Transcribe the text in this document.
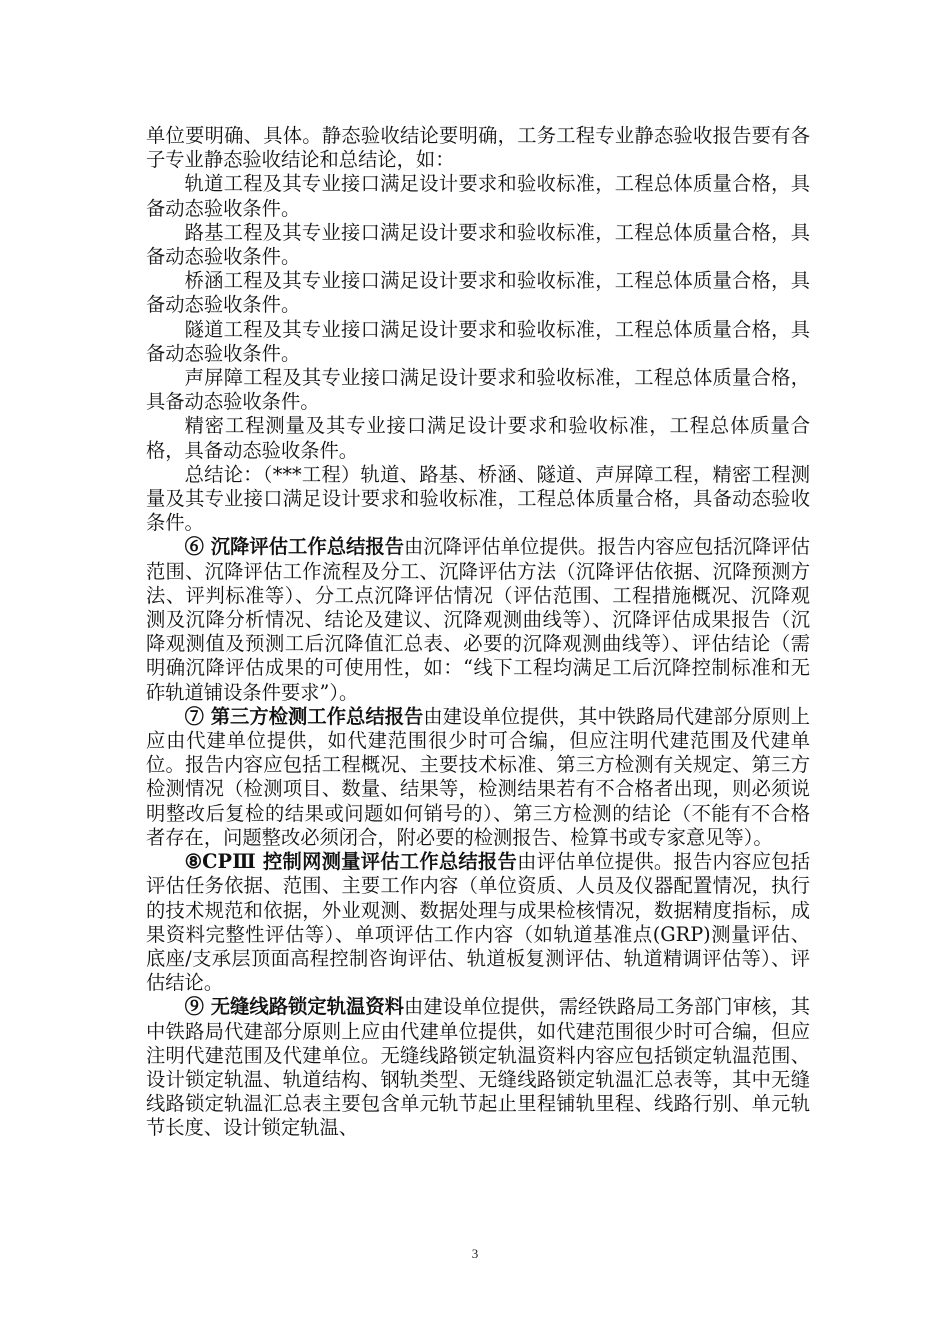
单位要明确、具体。静态验收结论要明确，工务工程专业静态验收报告要有各子专业静态验收结论和总结论，如：

轨道工程及其专业接口满足设计要求和验收标准，工程总体质量合格，具备动态验收条件。

路基工程及其专业接口满足设计要求和验收标准，工程总体质量合格，具备动态验收条件。

桥涵工程及其专业接口满足设计要求和验收标准，工程总体质量合格，具备动态验收条件。

隧道工程及其专业接口满足设计要求和验收标准，工程总体质量合格，具备动态验收条件。

声屏障工程及其专业接口满足设计要求和验收标准，工程总体质量合格，具备动态验收条件。

精密工程测量及其专业接口满足设计要求和验收标准，工程总体质量合格，具备动态验收条件。

总结论：（***工程）轨道、路基、桥涵、隧道、声屏障工程，精密工程测量及其专业接口满足设计要求和验收标准，工程总体质量合格，具备动态验收条件。

⑥ 沉降评估工作总结报告由沉降评估单位提供。报告内容应包括沉降评估范围、沉降评估工作流程及分工、沉降评估方法（沉降评估依据、沉降预测方法、评判标准等）、分工点沉降评估情况（评估范围、工程措施概况、沉降观测及沉降分析情况、结论及建议、沉降观测曲线等）、沉降评估成果报告（沉降观测值及预测工后沉降值汇总表、必要的沉降观测曲线等）、评估结论（需明确沉降评估成果的可使用性，如：“线下工程均满足工后沉降控制标准和无砟轨道铺设条件要求”）。

⑦ 第三方检测工作总结报告由建设单位提供，其中铁路局代建部分原则上应由代建单位提供，如代建范围很少时可合编，但应注明代建范围及代建单位。报告内容应包括工程概况、主要技术标准、第三方检测有关规定、第三方检测情况（检测项目、数量、结果等，检测结果若有不合格者出现，则必须说明整改后复检的结果或问题如何销号的）、第三方检测的结论（不能有不合格者存在，问题整改必须闭合，附必要的检测报告、检算书或专家意见等）。

⑧CPⅢ 控制网测量评估工作总结报告由评估单位提供。报告内容应包括评估任务依据、范围、主要工作内容（单位资质、人员及仪器配置情况，执行的技术规范和依据，外业观测、数据处理与成果检核情况，数据精度指标，成果资料完整性评估等）、单项评估工作内容（如轨道基准点(GRP)测量评估、底座/支承层顶面高程控制咨询评估、轨道板复测评估、轨道精调评估等）、评估结论。

⑨ 无缝线路锁定轨温资料由建设单位提供，需经铁路局工务部门审核，其中铁路局代建部分原则上应由代建单位提供，如代建范围很少时可合编，但应注明代建范围及代建单位。无缝线路锁定轨温资料内容应包括锁定轨温范围、设计锁定轨温、轨道结构、钢轨类型、无缝线路锁定轨温汇总表等，其中无缝线路锁定轨温汇总表主要包含单元轨节起止里程铺轨里程、线路行别、单元轨节长度、设计锁定轨温、

3
